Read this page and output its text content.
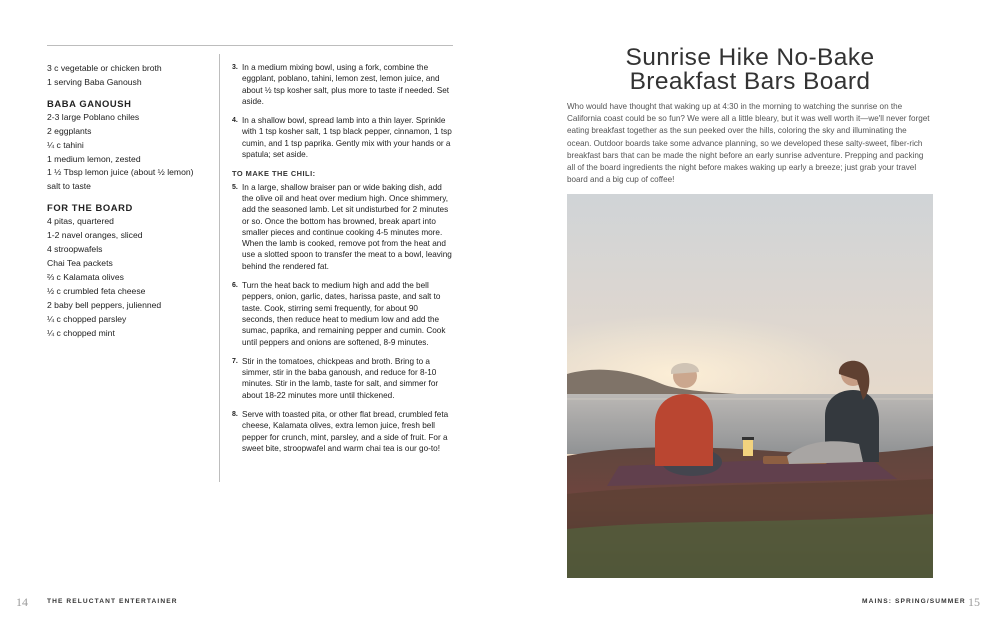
3 c vegetable or chicken broth
1 serving Baba Ganoush
BABA GANOUSH
2-3 large Poblano chiles
2 eggplants
¼ c tahini
1 medium lemon, zested
1 ½ Tbsp lemon juice (about ½ lemon)
salt to taste
FOR THE BOARD
4 pitas, quartered
1-2 navel oranges, sliced
4 stroopwafels
Chai Tea packets
⅔ c Kalamata olives
½ c crumbled feta cheese
2 baby bell peppers, julienned
¼ c chopped parsley
¼ c chopped mint
3. In a medium mixing bowl, using a fork, combine the eggplant, poblano, tahini, lemon zest, lemon juice, and about ½ tsp kosher salt, plus more to taste if needed. Set aside.
4. In a shallow bowl, spread lamb into a thin layer. Sprinkle with 1 tsp kosher salt, 1 tsp black pepper, cinnamon, 1 tsp cumin, and 1 tsp paprika. Gently mix with your hands or a spatula; set aside.
TO MAKE THE CHILI:
5. In a large, shallow braiser pan or wide baking dish, add the olive oil and heat over medium high. Once shimmery, add the seasoned lamb. Let sit undisturbed for 2 minutes or so. Once the bottom has browned, break apart into smaller pieces and continue cooking 4-5 minutes more. When the lamb is cooked, remove pot from the heat and use a slotted spoon to transfer the meat to a bowl, leaving behind the rendered fat.
6. Turn the heat back to medium high and add the bell peppers, onion, garlic, dates, harissa paste, and salt to taste. Cook, stirring semi frequently, for about 90 seconds, then reduce heat to medium low and add the sumac, paprika, and remaining pepper and cumin. Cook until peppers and onions are softened, 8-9 minutes.
7. Stir in the tomatoes, chickpeas and broth. Bring to a simmer, stir in the baba ganoush, and reduce for 8-10 minutes. Stir in the lamb, taste for salt, and simmer for about 18-22 minutes more until thickened.
8. Serve with toasted pita, or other flat bread, crumbled feta cheese, Kalamata olives, extra lemon juice, fresh bell pepper for crunch, mint, parsley, and a side of fruit. For a sweet bite, stroopwafel and warm chai tea is our go-to!
Sunrise Hike No-Bake
Breakfast Bars Board
Who would have thought that waking up at 4:30 in the morning to watching the sunrise on the California coast could be so fun? We were all a little bleary, but it was well worth it—we'll never forget eating breakfast together as the sun peeked over the hills, coloring the sky and illuminating the ocean. Outdoor boards take some advance planning, so we developed these salty-sweet, fiber-rich breakfast bars that can be made the night before an early sunrise adventure. Prepping and packing all of the board ingredients the night before makes waking up early a breeze; just grab your travel board and a big cup of coffee!
14	THE RELUCTANT ENTERTAINER	MAINS: SPRING/SUMMER 15
